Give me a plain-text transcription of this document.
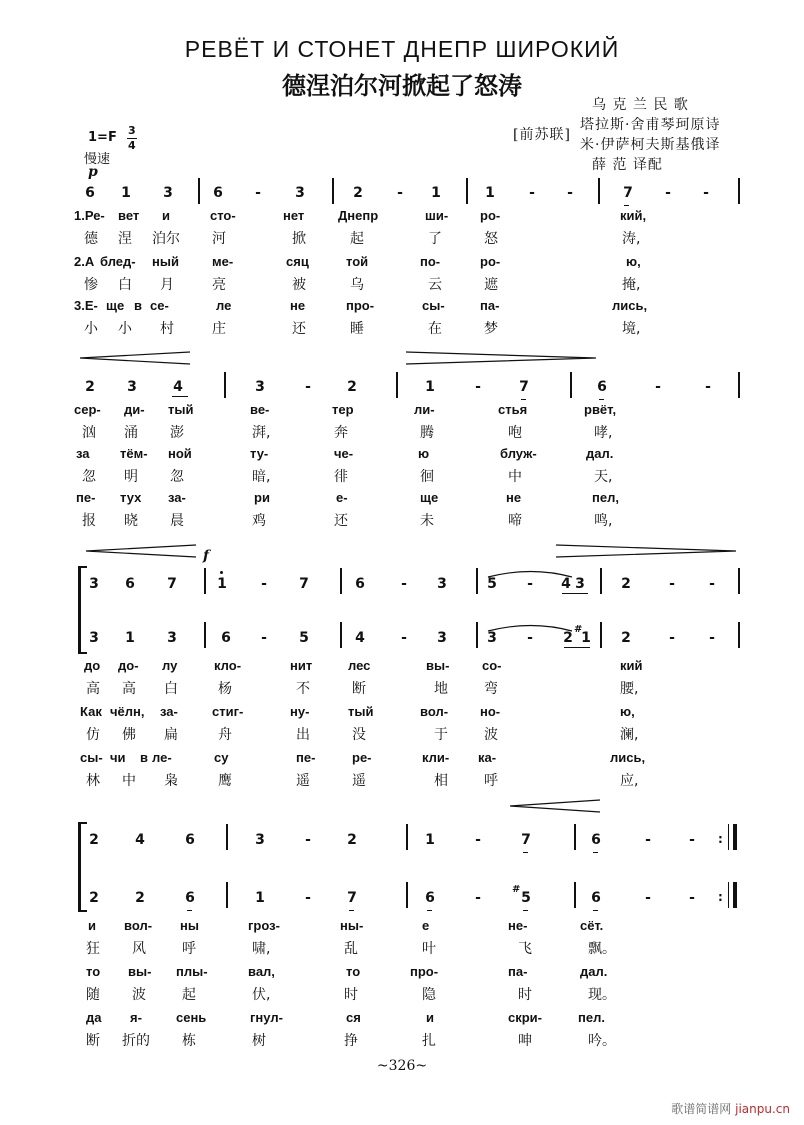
РЕВЁТ И СТОНЕТ ДНЕПР ШИРОКИЙ
德涅泊尔河掀起了怒涛
乌 克 兰 民 歌
塔拉斯·舍甫琴珂原诗
[前苏联]
米·伊萨柯夫斯基俄译
薛 范 译配
1=F 3
4
慢速
p
6 1 3	6	-	3	2	-	1	1	-	-	7	-	-
1.Ре- вет и	сто-	нет	Днепр	ши- ро-	кий,
德 涅 泊尔 河	掀	起	了	怒	涛,
2.А блед- ный	ме-	сяц	той	по-	ро-	ю,
惨 白 月	亮	被	乌	云	遮	掩,
3.Е- ще в се-	ле	не	про-	сы-	па-	лись,
小 小 村	庄	还	睡	在	梦	境,
2 3	4	3	-	2	1	-	7	6	-	-
сер- ди- тый	ве-	тер	ли-	стья	рвёт,
汹 涌 澎	湃,	奔	腾	咆	哮,
за тём- ной	ту-	че-	ю	блуж-	дал.
忽 明 忽	暗,	徘	徊	中	天,
пе- тух за-	ри	е-	ще	не	пел,
报 晓 晨	鸡	还	未	啼	鸣,
f
3 6 7	1	-	7	6	-	3	5	-	4 3	2	-	-
3 1 3	6	-	5	4	-	3	3	-	2
#
1 2	-	-
до до- лу	кло-	нит	лес	вы-	со-	кий
高 高 白	杨	不	断	地	弯	腰,
Как чёлн, за-	стиг-	ну-	тый	вол- но-	ю,
仿 佛 扁	舟	出	没	于	波	澜,
сы- чи в ле-	су	пе-	ре-	кли- ка-	лись,
林 中 枭	鹰	遥	遥	相	呼	应,
2	4	6	3	-	2	1	-	7	6	-	-	:
2	2	6	1	-	7	6	-
#
5	6	-	-	:
и вол- ны	гроз-	ны-	е	не-	сёт.
狂 风	呼	啸,	乱	叶	飞	飘。
то вы- плы-	вал,	то	про-	па-	дал.
随 波	起	伏,	时	隐	时	现。
да я-	сень	гнул-	ся	и	скри-	пел.
断 折的 栋	树	挣	扎	呻	吟。
~326~
歌谱简谱网 jianpu.cn
